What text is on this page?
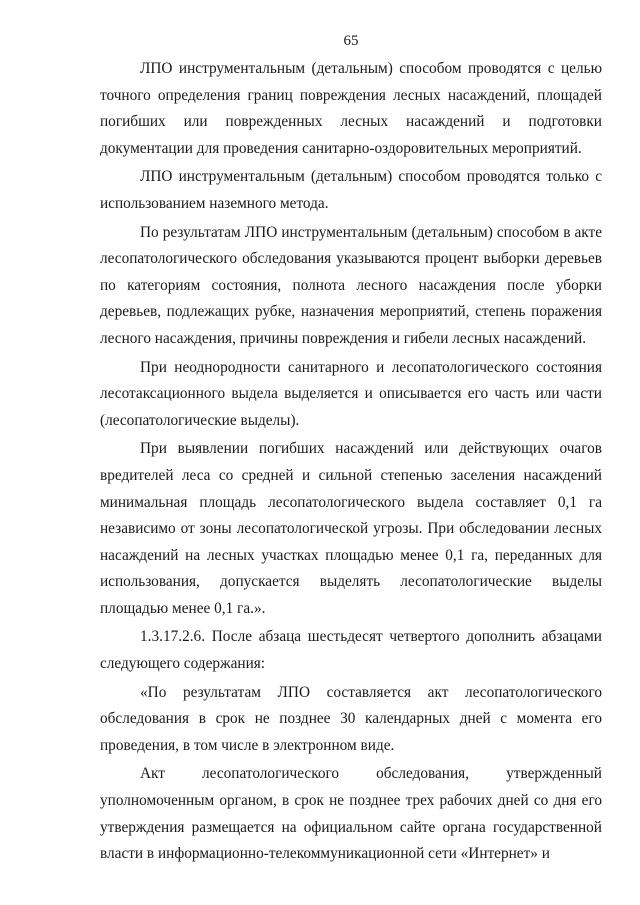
65

ЛПО инструментальным (детальным) способом проводятся с целью точного определения границ повреждения лесных насаждений, площадей погибших или поврежденных лесных насаждений и подготовки документации для проведения санитарно-оздоровительных мероприятий.

ЛПО инструментальным (детальным) способом проводятся только с использованием наземного метода.

По результатам ЛПО инструментальным (детальным) способом в акте лесопатологического обследования указываются процент выборки деревьев по категориям состояния, полнота лесного насаждения после уборки деревьев, подлежащих рубке, назначения мероприятий, степень поражения лесного насаждения, причины повреждения и гибели лесных насаждений.

При неоднородности санитарного и лесопатологического состояния лесотаксационного выдела выделяется и описывается его часть или части (лесопатологические выделы).

При выявлении погибших насаждений или действующих очагов вредителей леса со средней и сильной степенью заселения насаждений минимальная площадь лесопатологического выдела составляет 0,1 га независимо от зоны лесопатологической угрозы. При обследовании лесных насаждений на лесных участках площадью менее 0,1 га, переданных для использования, допускается выделять лесопатологические выделы площадью менее 0,1 га.».

1.3.17.2.6. После абзаца шестьдесят четвертого дополнить абзацами следующего содержания:

«По результатам ЛПО составляется акт лесопатологического обследования в срок не позднее 30 календарных дней с момента его проведения, в том числе в электронном виде.

Акт лесопатологического обследования, утвержденный уполномоченным органом, в срок не позднее трех рабочих дней со дня его утверждения размещается на официальном сайте органа государственной власти в информационно-телекоммуникационной сети «Интернет» и
